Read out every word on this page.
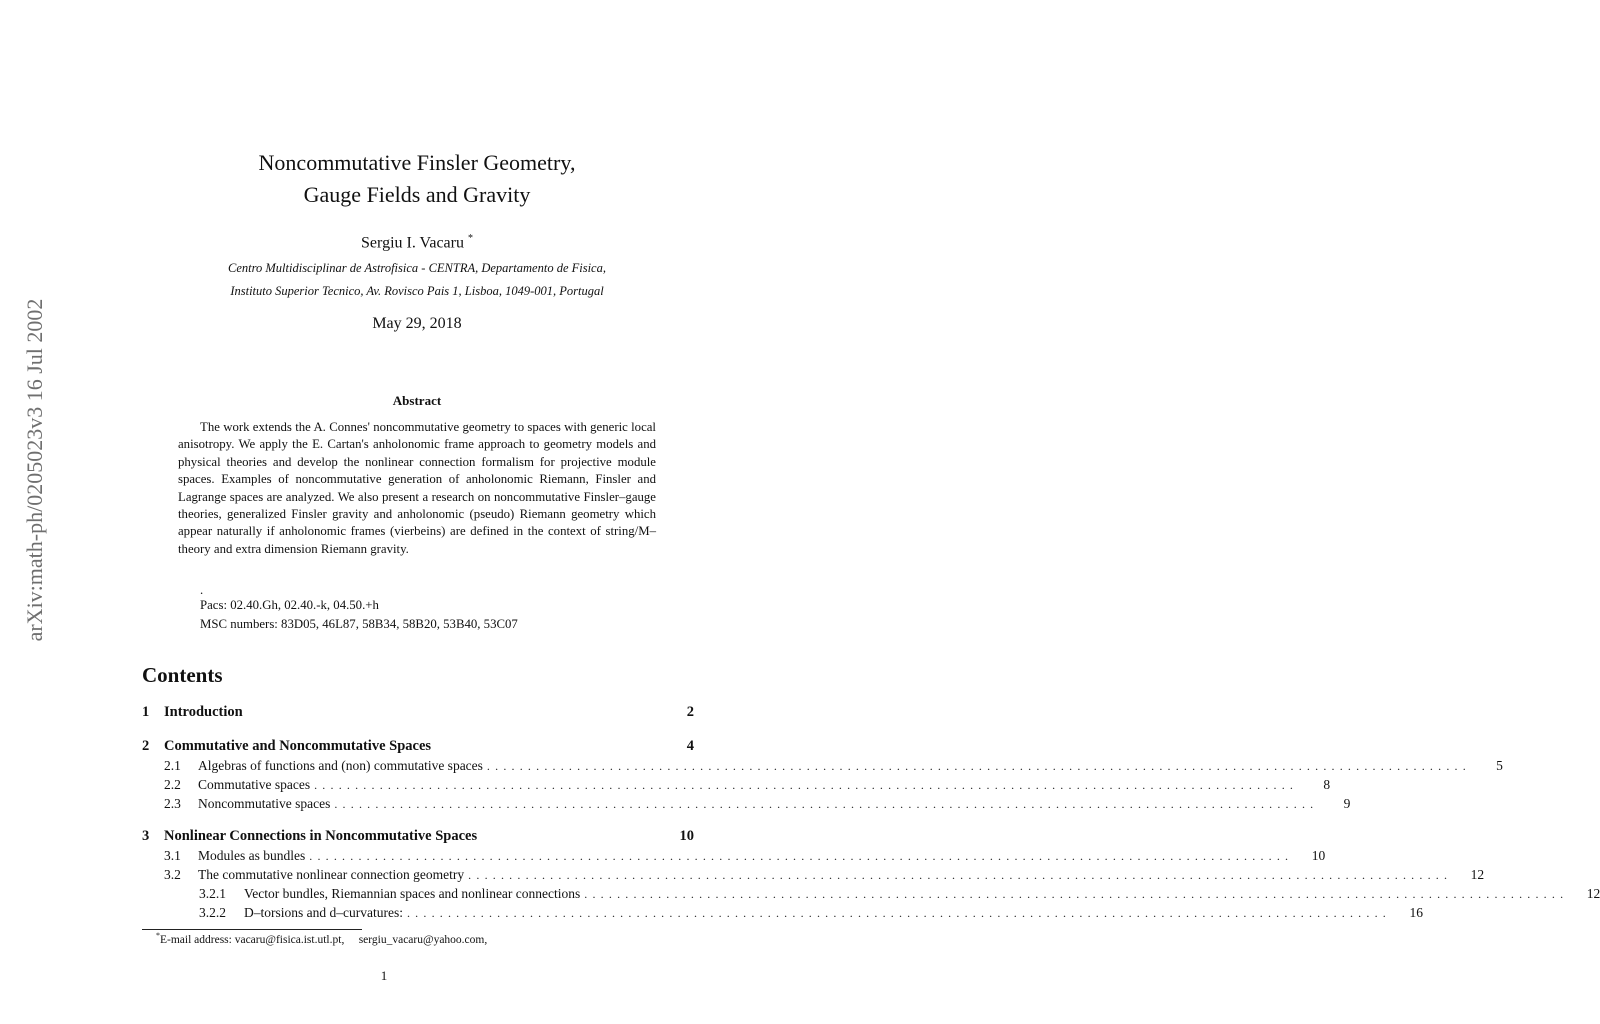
arXiv:math-ph/0205023v3 16 Jul 2002
Noncommutative Finsler Geometry,
Gauge Fields and Gravity
Sergiu I. Vacaru *
Centro Multidisciplinar de Astrofisica - CENTRA, Departamento de Fisica,
Instituto Superior Tecnico, Av. Rovisco Pais 1, Lisboa, 1049-001, Portugal
May 29, 2018
Abstract
The work extends the A. Connes' noncommutative geometry to spaces with generic local anisotropy. We apply the E. Cartan's anholonomic frame approach to geometry models and physical theories and develop the nonlinear connection formalism for projective module spaces. Examples of noncommutative generation of anholonomic Riemann, Finsler and Lagrange spaces are analyzed. We also present a research on noncommutative Finsler–gauge theories, generalized Finsler gravity and anholonomic (pseudo) Riemann geometry which appear naturally if anholonomic frames (vierbeins) are defined in the context of string/M–theory and extra dimension Riemann gravity.
.
Pacs: 02.40.Gh, 02.40.-k, 04.50.+h
MSC numbers: 83D05, 46L87, 58B34, 58B20, 53B40, 53C07
Contents
1	Introduction	2
2	Commutative and Noncommutative Spaces	4
2.1	Algebras of functions and (non) commutative spaces ........................................................................................................................	5
2.2	Commutative spaces ........................................................................................................................	8
2.3	Noncommutative spaces ........................................................................................................................	9
3	Nonlinear Connections in Noncommutative Spaces	10
3.1	Modules as bundles ........................................................................................................................	10
3.2	The commutative nonlinear connection geometry ........................................................................................................................	12
3.2.1	Vector bundles, Riemannian spaces and nonlinear connections ........................................................................................................................	12
3.2.2	D–torsions and d–curvatures: ........................................................................................................................	16
*E-mail address: vacaru@fisica.ist.utl.pt,     sergiu_vacaru@yahoo.com,
1
